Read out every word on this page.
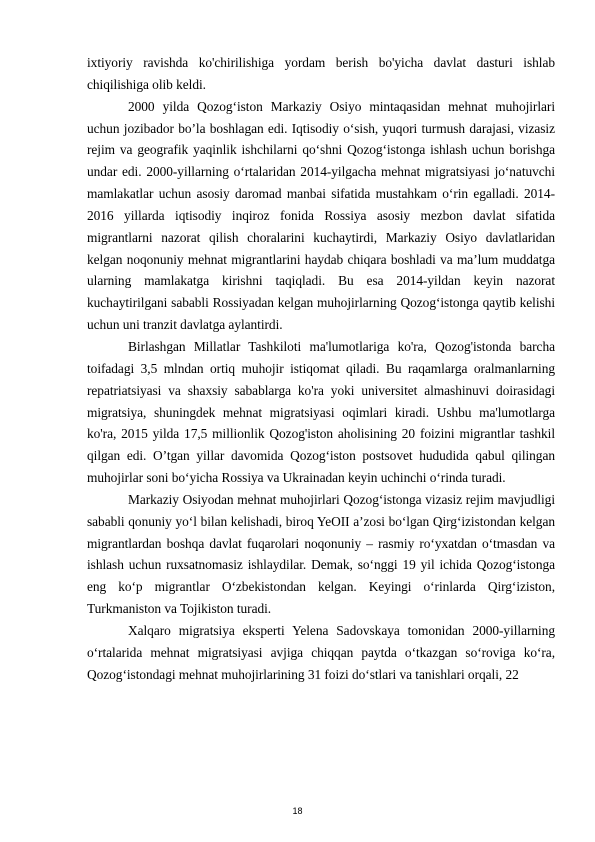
ixtiyoriy ravishda ko'chirilishiga yordam berish bo'yicha davlat dasturi ishlab chiqilishiga olib keldi.

2000 yilda Qozogʻiston Markaziy Osiyo mintaqasidan mehnat muhojirlari uchun jozibador bo’la boshlagan edi. Iqtisodiy o‘sish, yuqori turmush darajasi, vizasiz rejim va geografik yaqinlik ishchilarni qo‘shni Qozog‘istonga ishlash uchun borishga undar edi. 2000-yillarning oʻrtalaridan 2014-yilgacha mehnat migratsiyasi joʻnatuvchi mamlakatlar uchun asosiy daromad manbai sifatida mustahkam oʻrin egalladi. 2014-2016 yillarda iqtisodiy inqiroz fonida Rossiya asosiy mezbon davlat sifatida migrantlarni nazorat qilish choralarini kuchaytirdi, Markaziy Osiyo davlatlaridan kelgan noqonuniy mehnat migrantlarini haydab chiqara boshladi va ma’lum muddatga ularning mamlakatga kirishni taqiqladi. Bu esa 2014-yildan keyin nazorat kuchaytirilgani sababli Rossiyadan kelgan muhojirlarning Qozog‘istonga qaytib kelishi uchun uni tranzit davlatga aylantirdi.

Birlashgan Millatlar Tashkiloti ma'lumotlariga ko'ra, Qozog'istonda barcha toifadagi 3,5 mlndan ortiq muhojir istiqomat qiladi. Bu raqamlarga oralmanlarning repatriatsiyasi va shaxsiy sabablarga ko'ra yoki universitet almashinuvi doirasidagi migratsiya, shuningdek mehnat migratsiyasi oqimlari kiradi. Ushbu ma'lumotlarga ko'ra, 2015 yilda 17,5 millionlik Qozog'iston aholisining 20 foizini migrantlar tashkil qilgan edi. O’tgan yillar davomida Qozog‘iston postsovet hududida qabul qilingan muhojirlar soni bo‘yicha Rossiya va Ukrainadan keyin uchinchi o‘rinda turadi.

Markaziy Osiyodan mehnat muhojirlari Qozog‘istonga vizasiz rejim mavjudligi sababli qonuniy yo‘l bilan kelishadi, biroq YeOII a’zosi bo‘lgan Qirg‘izistondan kelgan migrantlardan boshqa davlat fuqarolari noqonuniy – rasmiy ro‘yxatdan o‘tmasdan va ishlash uchun ruxsatnomasiz ishlaydilar. Demak, so‘nggi 19 yil ichida Qozog‘istonga eng ko‘p migrantlar O‘zbekistondan kelgan. Keyingi oʻrinlarda Qirgʻiziston, Turkmaniston va Tojikiston turadi.

Xalqaro migratsiya eksperti Yelena Sadovskaya tomonidan 2000-yillarning oʻrtalarida mehnat migratsiyasi avjiga chiqqan paytda oʻtkazgan soʻroviga koʻra, Qozogʻistondagi mehnat muhojirlarining 31 foizi doʻstlari va tanishlari orqali, 22

18
